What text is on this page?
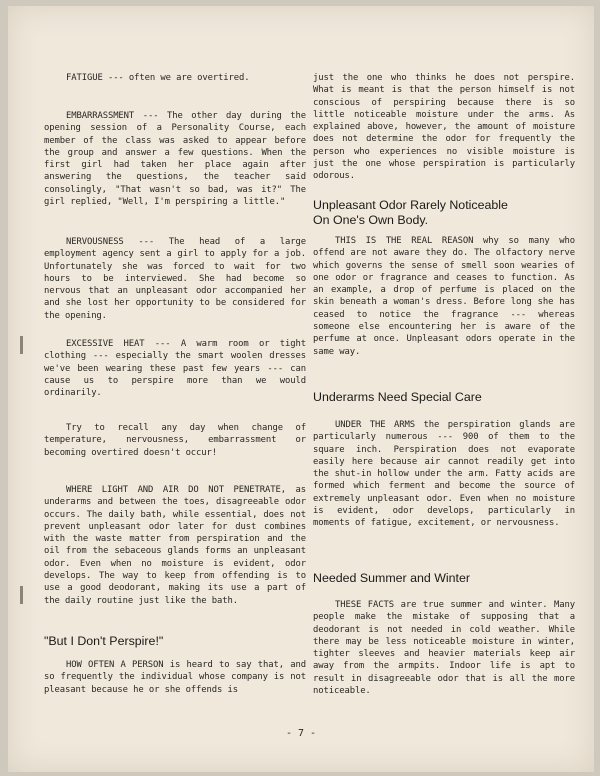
FATIGUE --- often we are overtired.

EMBARRASSMENT --- The other day during the opening session of a Personality Course, each member of the class was asked to appear before the group and answer a few questions. When the first girl had taken her place again after answering the questions, the teacher said consolingly, "That wasn't so bad, was it?" The girl replied, "Well, I'm perspiring a little."

NERVOUSNESS --- The head of a large employment agency sent a girl to apply for a job. Unfortunately she was forced to wait for two hours to be interviewed. She had become so nervous that an unpleasant odor accompanied her and she lost her opportunity to be considered for the opening.

EXCESSIVE HEAT --- A warm room or tight clothing --- especially the smart woolen dresses we've been wearing these past few years --- can cause us to perspire more than we would ordinarily.

Try to recall any day when change of temperature, nervousness, embarrassment or becoming overtired doesn't occur!

WHERE LIGHT AND AIR DO NOT PENETRATE, as underarms and between the toes, disagreeable odor occurs. The daily bath, while essential, does not prevent unpleasant odor later for dust combines with the waste matter from perspiration and the oil from the sebaceous glands forms an unpleasant odor. Even when no moisture is evident, odor develops. The way to keep from offending is to use a good deodorant, making its use a part of the daily routine just like the bath.

"But I Don't Perspire!"

HOW OFTEN A PERSON is heard to say that, and so frequently the individual whose company is not pleasant because he or she offends is

just the one who thinks he does not perspire. What is meant is that the person himself is not conscious of perspiring because there is so little noticeable moisture under the arms. As explained above, however, the amount of moisture does not determine the odor for frequently the person who experiences no visible moisture is just the one whose perspiration is particularly odorous.

Unpleasant Odor Rarely Noticeable
On One's Own Body.

THIS IS THE REAL REASON why so many who offend are not aware they do. The olfactory nerve which governs the sense of smell soon wearies of one odor or fragrance and ceases to function. As an example, a drop of perfume is placed on the skin beneath a woman's dress. Before long she has ceased to notice the fragrance --- whereas someone else encountering her is aware of the perfume at once. Unpleasant odors operate in the same way.

Underarms Need Special Care

UNDER THE ARMS the perspiration glands are particularly numerous --- 900 of them to the square inch. Perspiration does not evaporate easily here because air cannot readily get into the shut-in hollow under the arm. Fatty acids are formed which ferment and become the source of extremely unpleasant odor. Even when no moisture is evident, odor develops, particularly in moments of fatigue, excitement, or nervousness.

Needed Summer and Winter

THESE FACTS are true summer and winter. Many people make the mistake of supposing that a deodorant is not needed in cold weather. While there may be less noticeable moisture in winter, tighter sleeves and heavier materials keep air away from the armpits. Indoor life is apt to result in disagreeable odor that is all the more noticeable.

- 7 -
